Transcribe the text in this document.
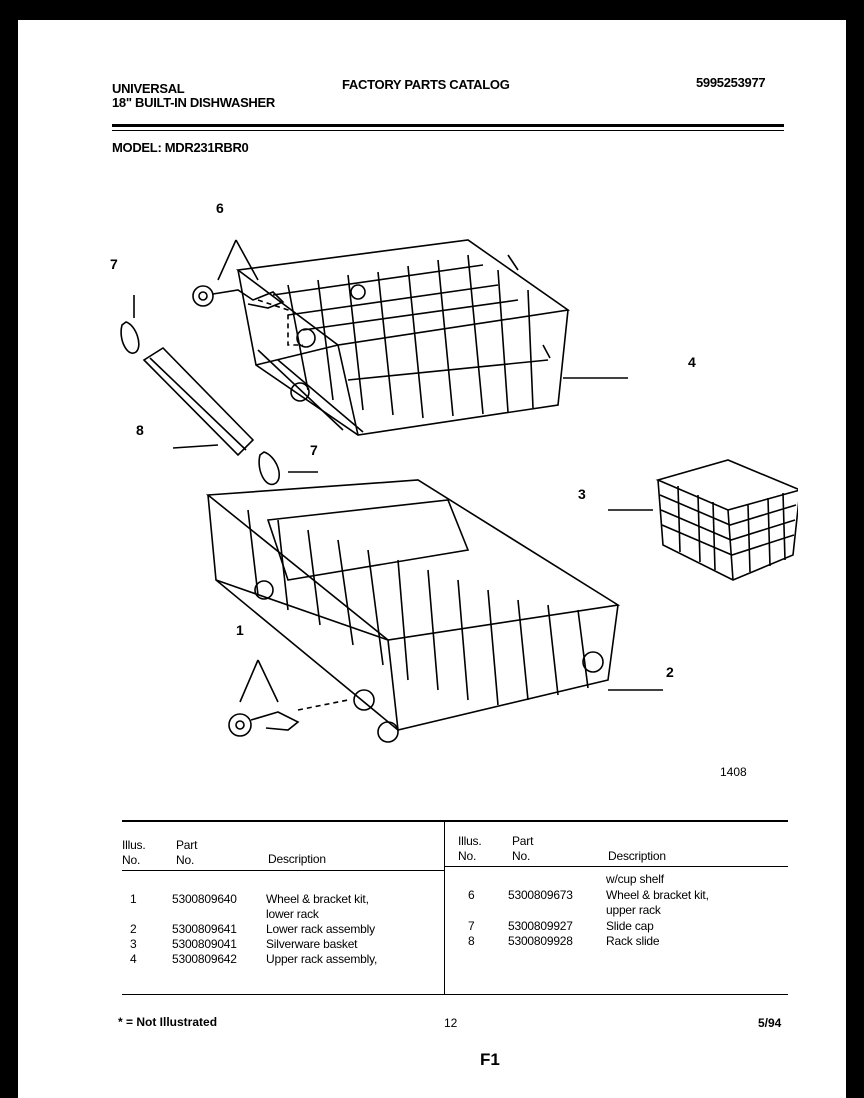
UNIVERSAL
18" BUILT-IN DISHWASHER
FACTORY PARTS CATALOG	5995253977
MODEL: MDR231RBR0
6
7
4
8
7
3
1
2
1408
Illus.
No.
Part
No.	Description
Illus.
No.
Part
No.	Description
1	5300809640 Wheel & bracket kit,
lower rack
2	5300809641 Lower rack assembly
3	5300809041 Silverware basket
4	5300809642 Upper rack assembly,
w/cup shelf
6	5300809673	Wheel & bracket kit,
upper rack
7	5300809927	Slide cap
8	5300809928	Rack slide
* = Not Illustrated	12	5/94
F1
